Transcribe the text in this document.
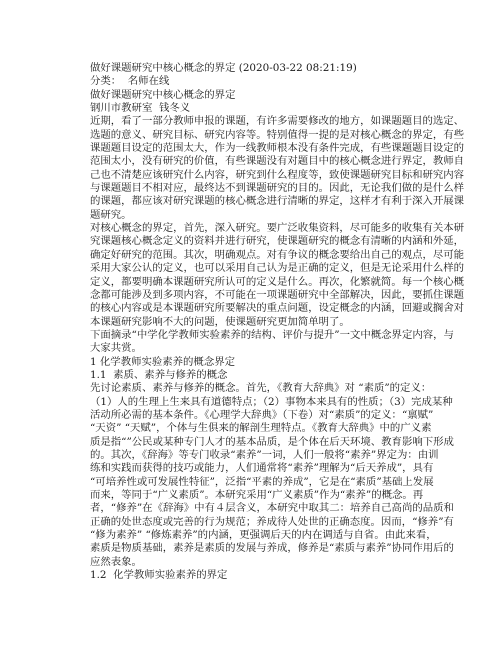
做好课题研究中核心概念的界定 (2020-03-22 08:21:19)
分类：  名师在线
做好课题研究中核心概念的界定
钢川市教研室  钱冬义
近期，看了一部分教师申报的课题，有许多需要修改的地方，如课题题目的选定、
选题的意义、研究目标、研究内容等。特别值得一提的是对核心概念的界定，有些
课题题目设定的范围太大，作为一线教师根本没有条件完成，有些课题题目设定的
范围太小，没有研究的价值，有些课题没有对题目中的核心概念进行界定，教师自
己也不清楚应该研究什么内容，研究到什么程度等，致使课题研究目标和研究内容
与课题题目不相对应，最终达不到课题研究的目的。因此，无论我们做的是什么样
的课题，都应该对研究课题的核心概念进行清晰的界定，这样才有利于深入开展课
题研究。
对核心概念的界定，首先，深入研究。要广泛收集资料，尽可能多的收集有关本研
究课题核心概念定义的资料并进行研究，使课题研究的概念有清晰的内涵和外延，
确定好研究的范围。其次，明确观点。对有争议的概念要给出自己的观点，尽可能
采用大家公认的定义，也可以采用自己认为是正确的定义，但是无论采用什么样的
定义，都要明确本课题研究所认可的定义是什么。再次，化繁就简。每一个核心概
念都可能涉及到多项内容，不可能在一项课题研究中全部解决，因此，要抓住课题
的核心内容或是本课题研究所要解决的重点问题，设定概念的内涵，回避或搁舍对
本课题研究影响不大的问题，使课题研究更加简单明了。
下面摘录“中学化学教师实验素养的结构、评价与提升”一文中概念界定内容，与
大家共赏。
1 化学教师实验素养的概念界定
1.1  素质、素养与修养的概念
先讨论素质、素养与修养的概念。首先，《教育大辞典》对 “素质”的定义：
（1）人的生理上生来具有道德特点；（2）事物本来具有的性质；（3）完成某种
活动所必需的基本条件。《心理学大辞典》（下卷）对“素质”的定义：“禀赋”
“天资” “天赋”，个体与生俱来的解剖生理特点。《教育大辞典》中的广义素
质是指“”公民或某种专门人才的基本品质，是个体在后天环境、教育影响下形成
的。其次，《辞海》等专门收录“素养”一词，人们一般将“素养”界定为：由训
练和实践而获得的技巧或能力，人们通常将“素养”理解为“后天养成”，具有
“可培养性或可发展性特征”，泛指“平素的养成”，它是在“素质”基础上发展
而来，等同于“广义素质”。本研究采用“广义素质”作为“素养”的概念。再
者，“修养”在《辞海》中有４层含义，本研究中取其二：培养自己高尚的品质和
正确的处世态度或完善的行为规范；养成待人处世的正确态度。因而，“修养”有
“修为素养” “修炼素养”的内涵，更强调后天的内在调适与自省。由此来看，
素质是物质基础，素养是素质的发展与养成，修养是“素质与素养”协同作用后的
应然表象。
1.2  化学教师实验素养的界定
